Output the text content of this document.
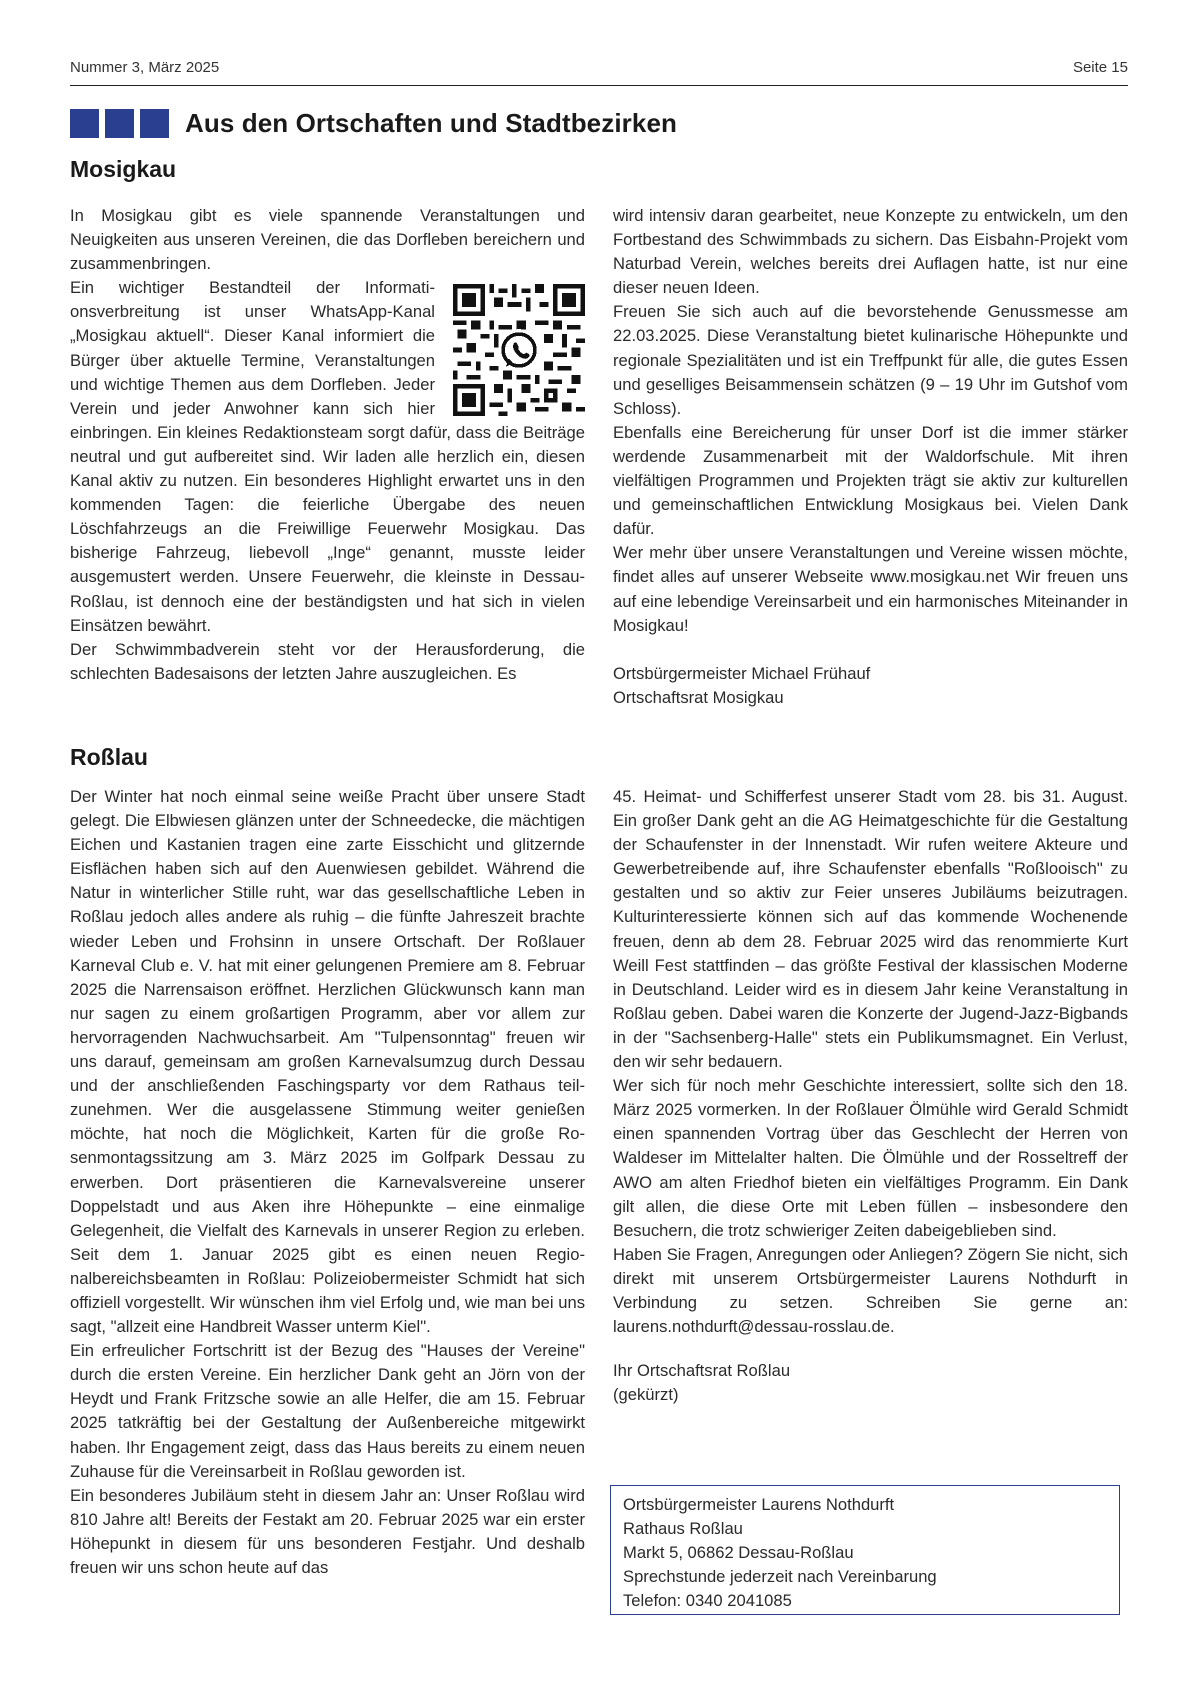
Nummer 3, März 2025	Seite 15
Aus den Ortschaften und Stadtbezirken
Mosigkau

In Mosigkau gibt es viele spannende Veranstaltungen und Neuigkeiten aus unseren Vereinen, die das Dorfleben bereichern und zusammenbringen.

Ein wichtiger Bestandteil der Informationsverbreitung ist unser WhatsApp-Kanal „Mosigkau aktuell“. Dieser Kanal informiert die Bürger über aktuelle Termine, Veranstaltungen und wichtige Themen aus dem Dorfleben. Jeder Verein und jeder Anwohner kann sich hier einbringen. Ein kleines Redaktionsteam sorgt dafür, dass die Beiträge neutral und gut aufbereitet sind. Wir laden alle herzlich ein, diesen Kanal aktiv zu nutzen. Ein besonderes Highlight erwartet uns in den kommenden Tagen: die feierliche Übergabe des neuen Löschfahrzeugs an die Freiwillige Feuerwehr Mosigkau. Das bisherige Fahrzeug, liebevoll „Inge“ genannt, musste leider ausgemustert werden. Unsere Feuerwehr, die kleinste in Dessau-Roßlau, ist dennoch eine der beständigsten und hat sich in vielen Einsätzen bewährt.

Der Schwimmbadverein steht vor der Herausforderung, die schlechten Badesaisons der letzten Jahre auszugleichen. Es

wird intensiv daran gearbeitet, neue Konzepte zu entwickeln, um den Fortbestand des Schwimmbads zu sichern. Das Eisbahn-Projekt vom Naturbad Verein, welches bereits drei Auflagen hatte, ist nur eine dieser neuen Ideen.

Freuen Sie sich auch auf die bevorstehende Genussmesse am 22.03.2025. Diese Veranstaltung bietet kulinarische Höhepunkte und regionale Spezialitäten und ist ein Treffpunkt für alle, die gutes Essen und geselliges Beisammensein schätzen (9 – 19 Uhr im Gutshof vom Schloss).

Ebenfalls eine Bereicherung für unser Dorf ist die immer stärker werdende Zusammenarbeit mit der Waldorfschule. Mit ihren vielfältigen Programmen und Projekten trägt sie aktiv zur kulturellen und gemeinschaftlichen Entwicklung Mosigkaus bei. Vielen Dank dafür.

Wer mehr über unsere Veranstaltungen und Vereine wissen möchte, findet alles auf unserer Webseite www.mosigkau.net Wir freuen uns auf eine lebendige Vereinsarbeit und ein harmonisches Miteinander in Mosigkau!

Ortsbürgermeister Michael Frühauf
Ortschaftsrat Mosigkau
Roßlau

Der Winter hat noch einmal seine weiße Pracht über unsere Stadt gelegt. Die Elbwiesen glänzen unter der Schneedecke, die mächtigen Eichen und Kastanien tragen eine zarte Eisschicht und glitzernde Eisflächen haben sich auf den Auenwiesen gebildet. Während die Natur in winterlicher Stille ruht, war das gesellschaftliche Leben in Roßlau jedoch alles andere als ruhig – die fünfte Jahreszeit brachte wieder Leben und Frohsinn in unsere Ortschaft. Der Roßlauer Karneval Club e. V. hat mit einer gelungenen Premiere am 8. Februar 2025 die Narrensaison eröffnet. Herzlichen Glückwunsch kann man nur sagen zu einem großartigen Programm, aber vor allem zur hervorragenden Nachwuchsarbeit. Am "Tulpensonntag" freuen wir uns darauf, gemeinsam am großen Karnevalsumzug durch Dessau und der anschließenden Faschingsparty vor dem Rathaus teilzunehmen. Wer die ausgelassene Stimmung weiter genießen möchte, hat noch die Möglichkeit, Karten für die große Rosenmontagssitzung am 3. März 2025 im Golfpark Dessau zu erwerben. Dort präsentieren die Karnevalsvereine unserer Doppelstadt und aus Aken ihre Höhepunkte – eine einmalige Gelegenheit, die Vielfalt des Karnevals in unserer Region zu erleben. Seit dem 1. Januar 2025 gibt es einen neuen Regionalbereichsbeamten in Roßlau: Polizeiobermeister Schmidt hat sich offiziell vorgestellt. Wir wünschen ihm viel Erfolg und, wie man bei uns sagt, "allzeit eine Handbreit Wasser unterm Kiel".

Ein erfreulicher Fortschritt ist der Bezug des "Hauses der Vereine" durch die ersten Vereine. Ein herzlicher Dank geht an Jörn von der Heydt und Frank Fritzsche sowie an alle Helfer, die am 15. Februar 2025 tatkräftig bei der Gestaltung der Außenbereiche mitgewirkt haben. Ihr Engagement zeigt, dass das Haus bereits zu einem neuen Zuhause für die Vereinsarbeit in Roßlau geworden ist.

Ein besonderes Jubiläum steht in diesem Jahr an: Unser Roßlau wird 810 Jahre alt! Bereits der Festakt am 20. Februar 2025 war ein erster Höhepunkt in diesem für uns besonderen Festjahr. Und deshalb freuen wir uns schon heute auf das

45. Heimat- und Schifferfest unserer Stadt vom 28. bis 31. August. Ein großer Dank geht an die AG Heimatgeschichte für die Gestaltung der Schaufenster in der Innenstadt. Wir rufen weitere Akteure und Gewerbetreibende auf, ihre Schaufenster ebenfalls "Roßlooisch" zu gestalten und so aktiv zur Feier unseres Jubiläums beizutragen. Kulturinteressierte können sich auf das kommende Wochenende freuen, denn ab dem 28. Februar 2025 wird das renommierte Kurt Weill Fest stattfinden – das größte Festival der klassischen Moderne in Deutschland. Leider wird es in diesem Jahr keine Veranstaltung in Roßlau geben. Dabei waren die Konzerte der Jugend-Jazz-Bigbands in der "Sachsenberg-Halle" stets ein Publikumsmagnet. Ein Verlust, den wir sehr bedauern.

Wer sich für noch mehr Geschichte interessiert, sollte sich den 18. März 2025 vormerken. In der Roßlauer Ölmühle wird Gerald Schmidt einen spannenden Vortrag über das Geschlecht der Herren von Waldeser im Mittelalter halten. Die Ölmühle und der Rosseltreff der AWO am alten Friedhof bieten ein vielfältiges Programm. Ein Dank gilt allen, die diese Orte mit Leben füllen – insbesondere den Besuchern, die trotz schwieriger Zeiten dabeigeblieben sind.

Haben Sie Fragen, Anregungen oder Anliegen? Zögern Sie nicht, sich direkt mit unserem Ortsbürgermeister Laurens Nothdurft in Verbindung zu setzen. Schreiben Sie gerne an: laurens.nothdurft@dessau-rosslau.de.

Ihr Ortschaftsrat Roßlau
(gekürzt)
Ortsbürgermeister Laurens Nothdurft
Rathaus Roßlau
Markt 5, 06862 Dessau-Roßlau
Sprechstunde jederzeit nach Vereinbarung
Telefon: 0340 2041085
